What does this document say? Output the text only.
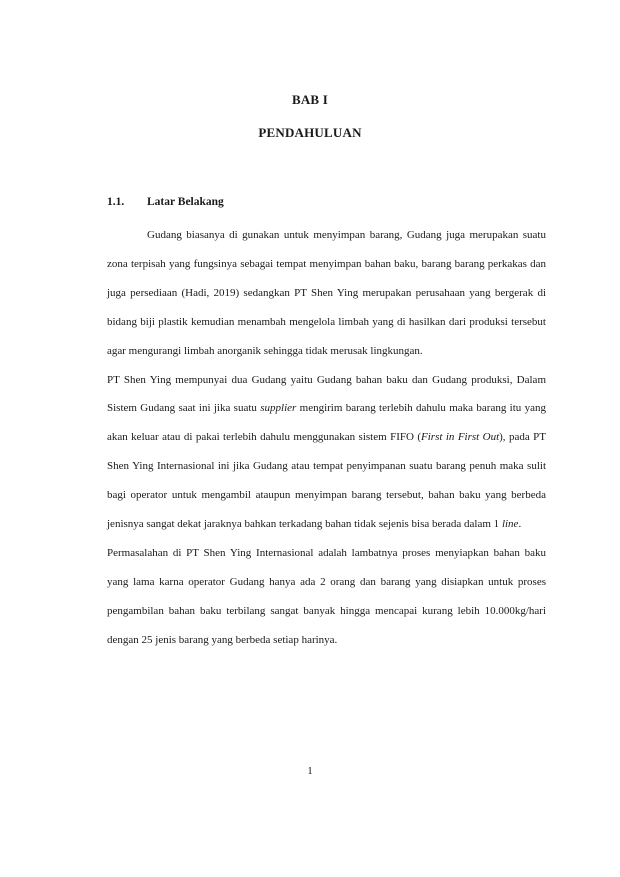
BAB I
PENDAHULUAN
1.1. Latar Belakang

Gudang biasanya di gunakan untuk menyimpan barang, Gudang juga merupakan suatu zona terpisah yang fungsinya sebagai tempat menyimpan bahan baku, barang barang perkakas dan juga persediaan (Hadi, 2019) sedangkan PT Shen Ying merupakan perusahaan yang bergerak di bidang biji plastik kemudian menambah mengelola limbah yang di hasilkan dari produksi tersebut agar mengurangi limbah anorganik sehingga tidak merusak lingkungan.

PT Shen Ying mempunyai dua Gudang yaitu Gudang bahan baku dan Gudang produksi, Dalam Sistem Gudang saat ini jika suatu supplier mengirim barang terlebih dahulu maka barang itu yang akan keluar atau di pakai terlebih dahulu menggunakan sistem FIFO (First in First Out), pada PT Shen Ying Internasional ini jika Gudang atau tempat penyimpanan suatu barang penuh maka sulit bagi operator untuk mengambil ataupun menyimpan barang tersebut, bahan baku yang berbeda jenisnya sangat dekat jaraknya bahkan terkadang bahan tidak sejenis bisa berada dalam 1 line.

Permasalahan di PT Shen Ying Internasional adalah lambatnya proses menyiapkan bahan baku yang lama karna operator Gudang hanya ada 2 orang dan barang yang disiapkan untuk proses pengambilan bahan baku terbilang sangat banyak hingga mencapai kurang lebih 10.000kg/hari dengan 25 jenis barang yang berbeda setiap harinya.

1
